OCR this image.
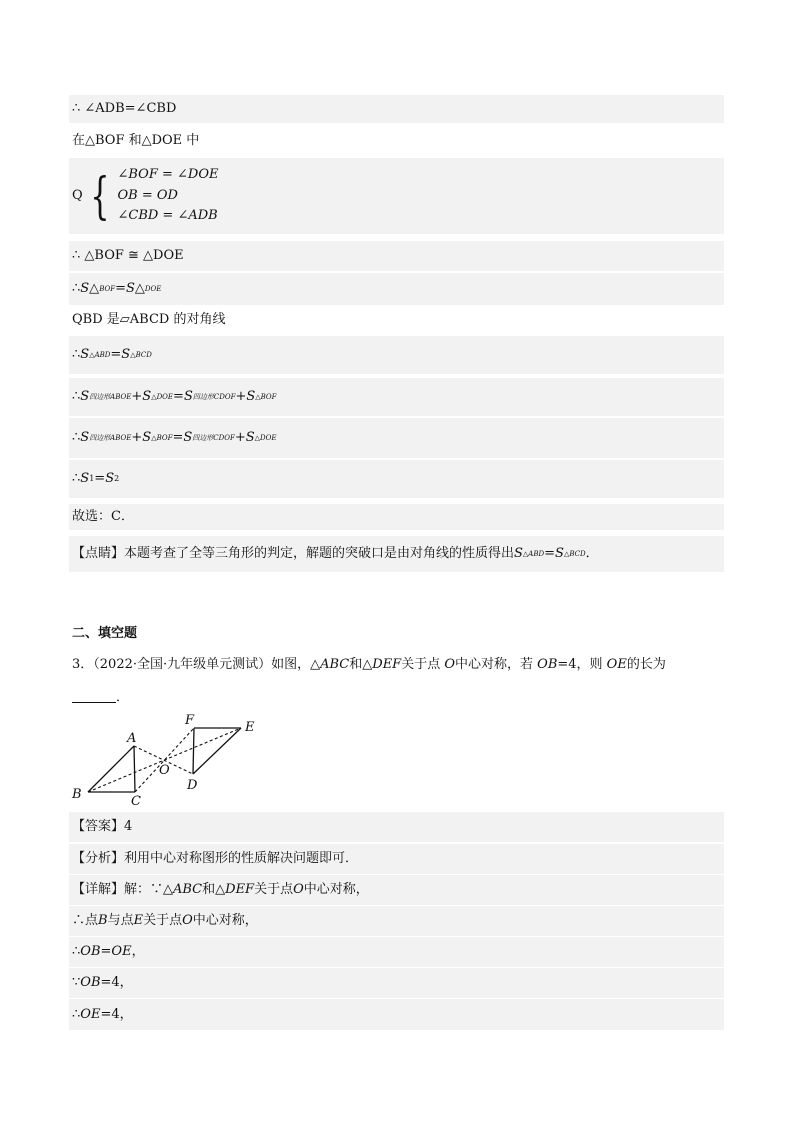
∴ ∠ADB=∠CBD
在△BOF 和△DOE 中
Q { ∠BOF = ∠DOE
OB = OD
∠CBD = ∠ADB
∴ △BOF ≅ △DOE
∴ S△ BOF =S△ DOE
QBD 是▱ABCD 的对角线
∴ S △ABD = S △BCD
∴ S 四边形ABOE + S △DOE = S 四边形CDOF + S △BOF
∴ S 四边形ABOE + S △BOF = S 四边形CDOF + S △DOE
∴ S 1 = S 2
故选：C．
【点睛】本题考查了全等三角形的判定，解题的突破口是由对角线的性质得出 S △ABD = S △BCD ．
二、填空题
3．（2022·全国·九年级单元测试）如图，△ABC和△DEF关于点 O中心对称，若 OB=4，则 OE的长为
．
A
B	C
O
F	E
D
【答案】4
【分析】利用中心对称图形的性质解决问题即可．
【详解】解：∵△ ABC 和△ DEF 关于点 O 中心对称，
∴点 B 与点 E 关于点 O 中心对称，
∴ OB = OE ，
∵ OB =4，
∴ OE =4，
